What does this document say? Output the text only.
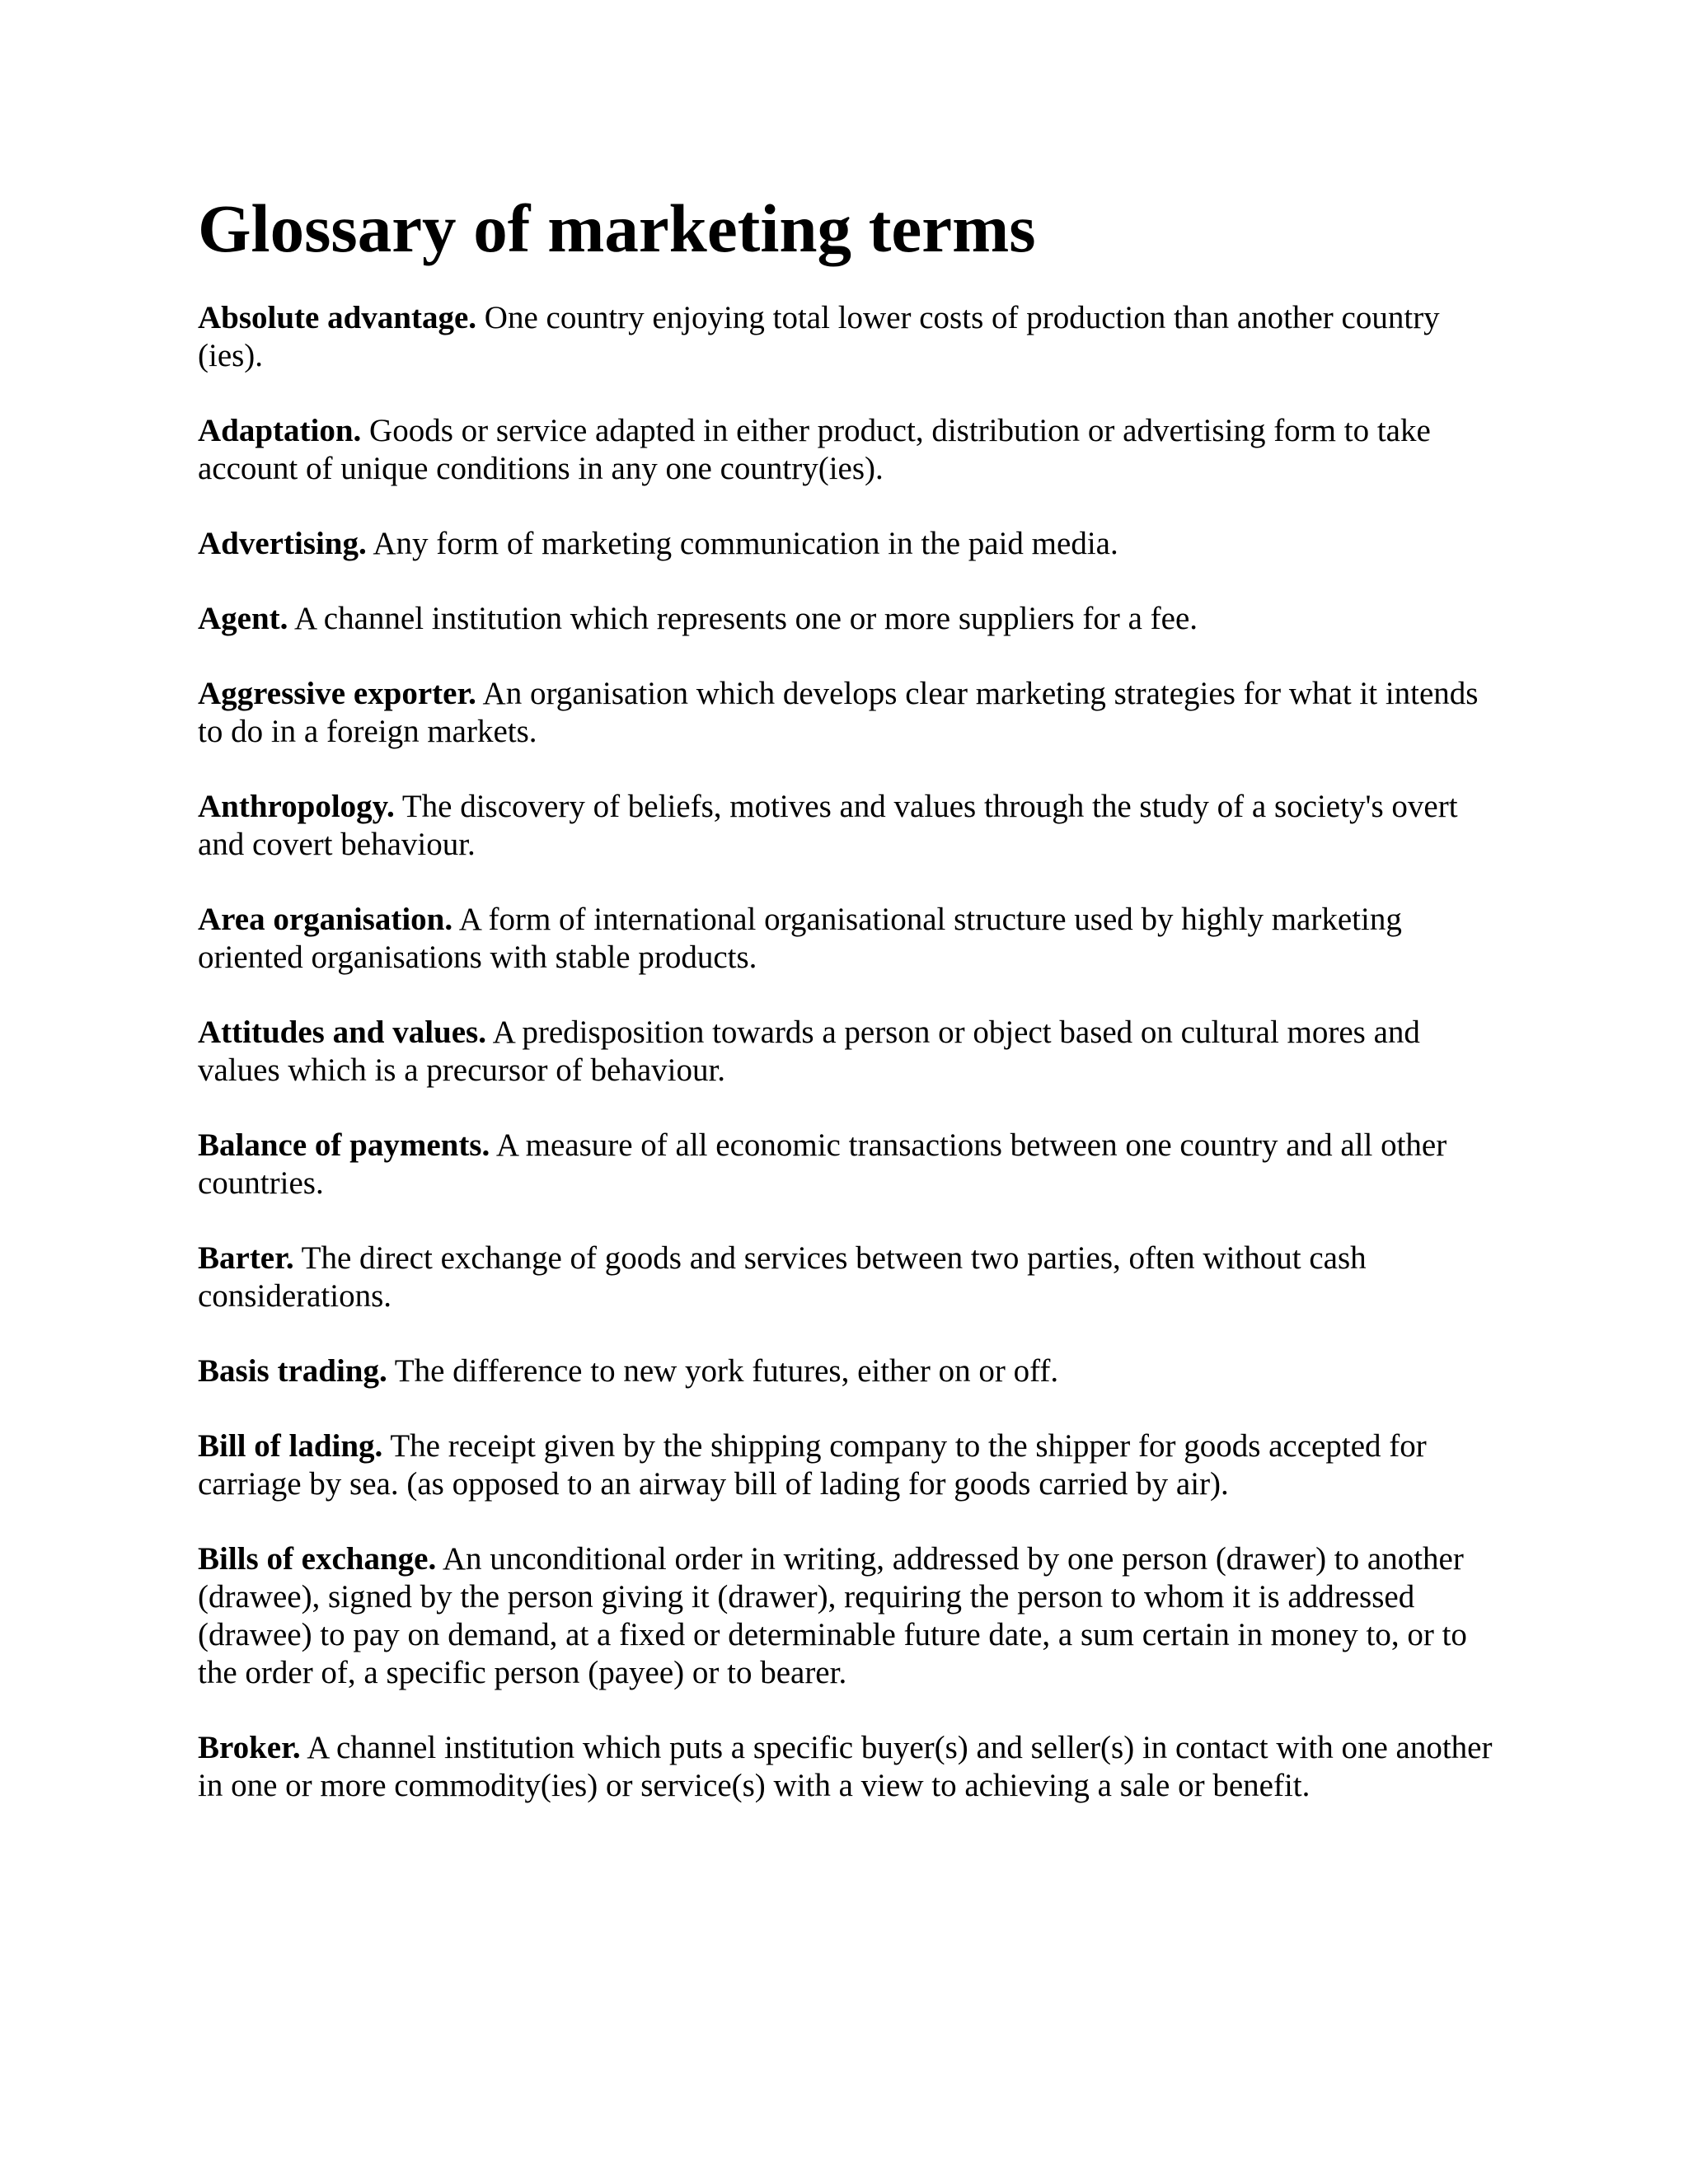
Glossary of marketing terms
Absolute advantage. One country enjoying total lower costs of production than another country (ies).
Adaptation. Goods or service adapted in either product, distribution or advertising form to take account of unique conditions in any one country(ies).
Advertising. Any form of marketing communication in the paid media.
Agent. A channel institution which represents one or more suppliers for a fee.
Aggressive exporter. An organisation which develops clear marketing strategies for what it intends to do in a foreign markets.
Anthropology. The discovery of beliefs, motives and values through the study of a society's overt and covert behaviour.
Area organisation. A form of international organisational structure used by highly marketing oriented organisations with stable products.
Attitudes and values. A predisposition towards a person or object based on cultural mores and values which is a precursor of behaviour.
Balance of payments. A measure of all economic transactions between one country and all other countries.
Barter. The direct exchange of goods and services between two parties, often without cash considerations.
Basis trading. The difference to new york futures, either on or off.
Bill of lading. The receipt given by the shipping company to the shipper for goods accepted for carriage by sea. (as opposed to an airway bill of lading for goods carried by air).
Bills of exchange. An unconditional order in writing, addressed by one person (drawer) to another (drawee), signed by the person giving it (drawer), requiring the person to whom it is addressed (drawee) to pay on demand, at a fixed or determinable future date, a sum certain in money to, or to the order of, a specific person (payee) or to bearer.
Broker. A channel institution which puts a specific buyer(s) and seller(s) in contact with one another in one or more commodity(ies) or service(s) with a view to achieving a sale or benefit.
